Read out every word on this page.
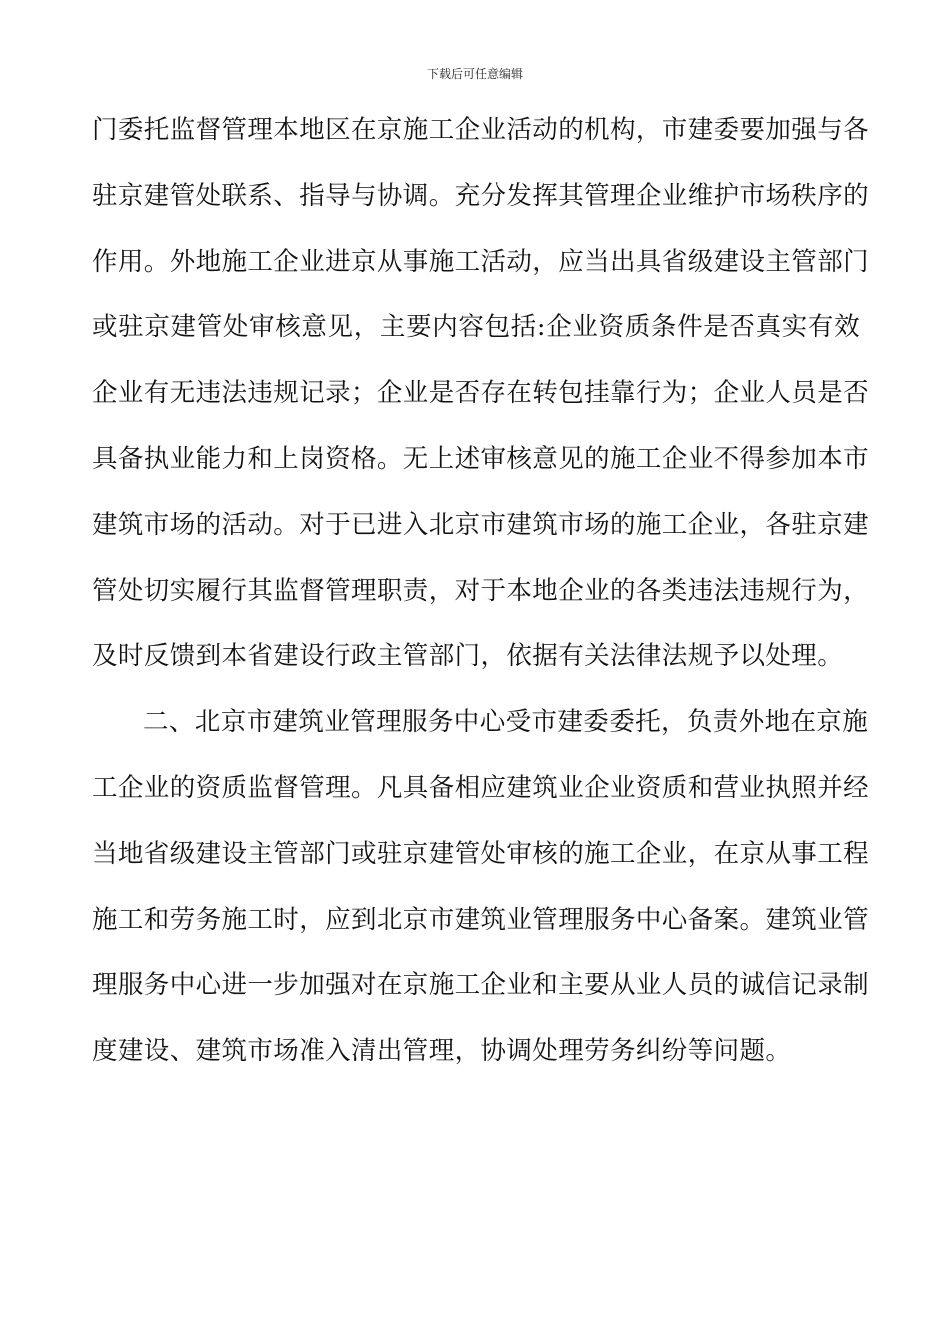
下载后可任意编辑
门委托监督管理本地区在京施工企业活动的机构，市建委要加强与各
驻京建管处联系、指导与协调。充分发挥其管理企业维护市场秩序的
作用。外地施工企业进京从事施工活动，应当出具省级建设主管部门
或驻京建管处审核意见，主要内容包括:企业资质条件是否真实有效
企业有无违法违规记录；企业是否存在转包挂靠行为；企业人员是否
具备执业能力和上岗资格。无上述审核意见的施工企业不得参加本市
建筑市场的活动。对于已进入北京市建筑市场的施工企业，各驻京建
管处切实履行其监督管理职责，对于本地企业的各类违法违规行为，
及时反馈到本省建设行政主管部门，依据有关法律法规予以处理。
二、北京市建筑业管理服务中心受市建委委托，负责外地在京施
工企业的资质监督管理。凡具备相应建筑业企业资质和营业执照并经
当地省级建设主管部门或驻京建管处审核的施工企业，在京从事工程
施工和劳务施工时，应到北京市建筑业管理服务中心备案。建筑业管
理服务中心进一步加强对在京施工企业和主要从业人员的诚信记录制
度建设、建筑市场准入清出管理，协调处理劳务纠纷等问题。
